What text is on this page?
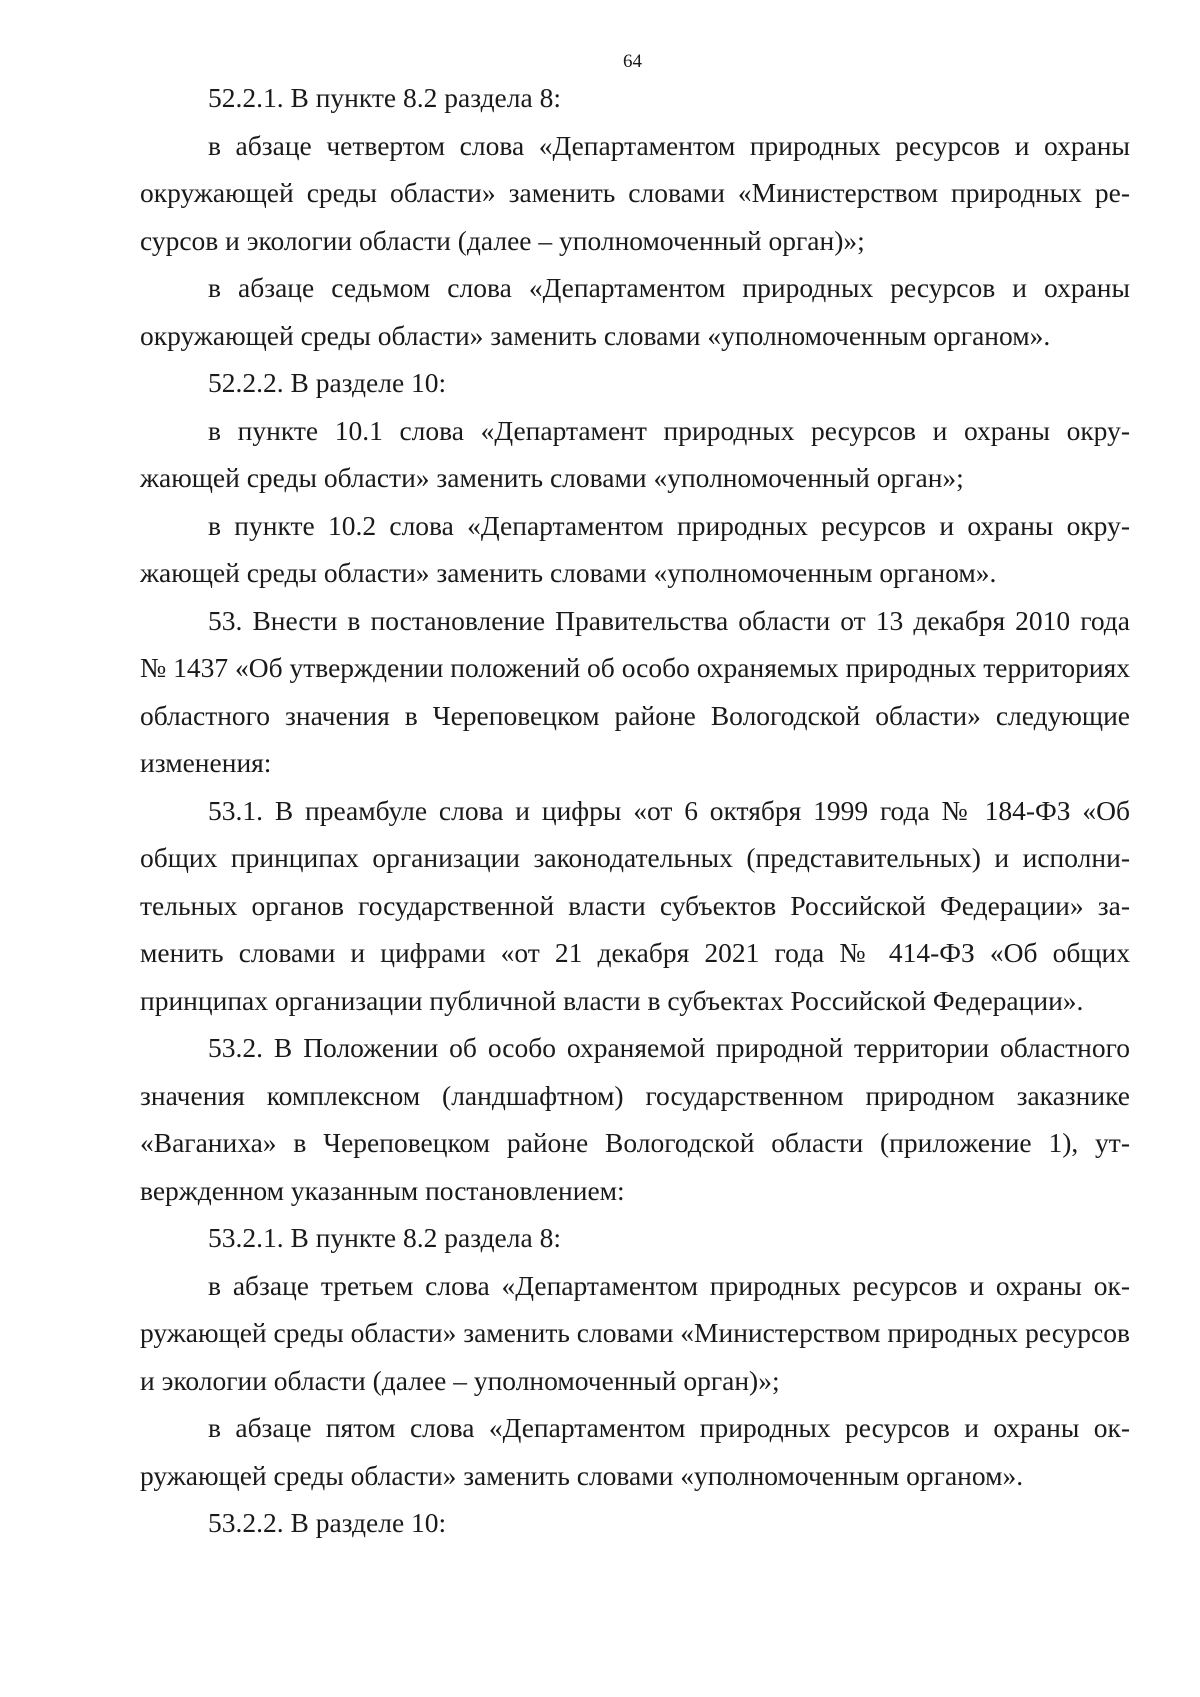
64

52.2.1. В пункте 8.2 раздела 8:

в абзаце четвертом слова «Департаментом природных ресурсов и охраны окружающей среды области» заменить словами «Министерством природных ресурсов и экологии области (далее – уполномоченный орган)»;

в абзаце седьмом слова «Департаментом природных ресурсов и охраны окружающей среды области» заменить словами «уполномоченным органом».

52.2.2. В разделе 10:

в пункте 10.1 слова «Департамент природных ресурсов и охраны окружающей среды области» заменить словами «уполномоченный орган»;

в пункте 10.2 слова «Департаментом природных ресурсов и охраны окружающей среды области» заменить словами «уполномоченным органом».

53. Внести в постановление Правительства области от 13 декабря 2010 года № 1437 «Об утверждении положений об особо охраняемых природных территориях областного значения в Череповецком районе Вологодской области» следующие изменения:

53.1. В преамбуле слова и цифры «от 6 октября 1999 года № 184-ФЗ «Об общих принципах организации законодательных (представительных) и исполнительных органов государственной власти субъектов Российской Федерации» заменить словами и цифрами «от 21 декабря 2021 года № 414-ФЗ «Об общих принципах организации публичной власти в субъектах Российской Федерации».

53.2. В Положении об особо охраняемой природной территории областного значения комплексном (ландшафтном) государственном природном заказнике «Ваганиха» в Череповецком районе Вологодской области (приложение 1), утвержденном указанным постановлением:

53.2.1. В пункте 8.2 раздела 8:

в абзаце третьем слова «Департаментом природных ресурсов и охраны окружающей среды области» заменить словами «Министерством природных ресурсов и экологии области (далее – уполномоченный орган)»;

в абзаце пятом слова «Департаментом природных ресурсов и охраны окружающей среды области» заменить словами «уполномоченным органом».

53.2.2. В разделе 10:
